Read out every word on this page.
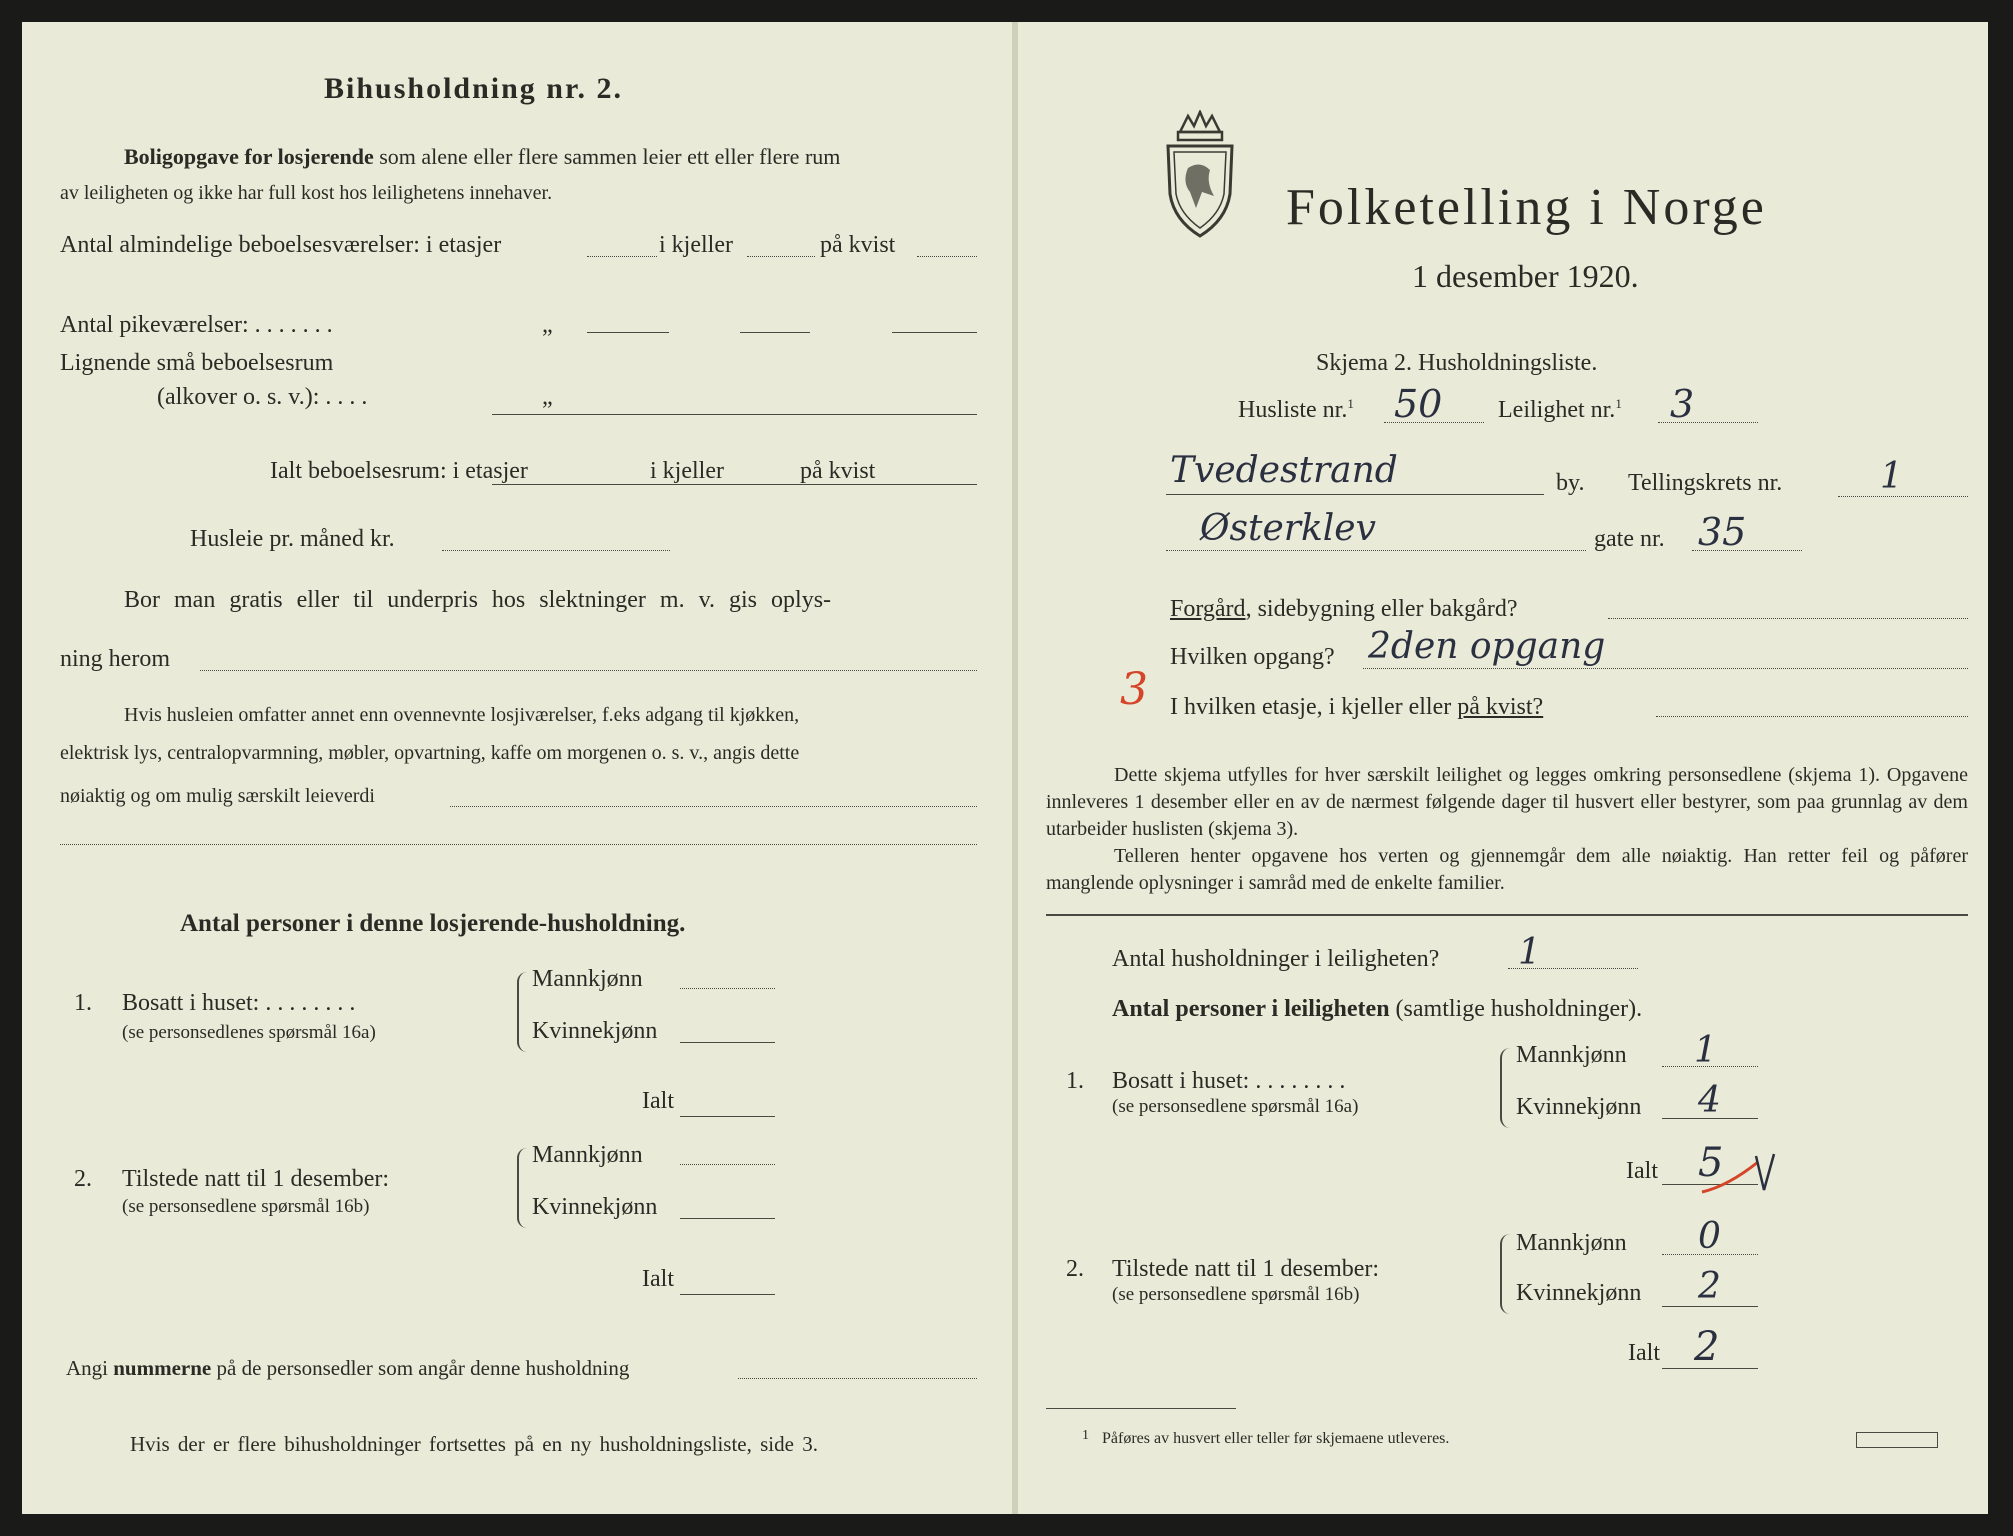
Bihusholdning nr. 2.
Boligopgave for losjerende som alene eller flere sammen leier ett eller flere rum
av leiligheten og ikke har full kost hos leilighetens innehaver.
Antal almindelige beboelsesværelser: i etasjer	i kjeller	på kvist
Antal pikeværelser: . . . . . . .	„
Lignende små beboelsesrum
(alkover o. s. v.): . . . .	„
Ialt beboelsesrum: i etasjer	i kjeller	på kvist
Husleie pr. måned kr.
Bor man gratis eller til underpris hos slektninger m. v. gis oplys-
ning herom
Hvis husleien omfatter annet enn ovennevnte losjiværelser, f.eks adgang til kjøkken,
elektrisk lys, centralopvarmning, møbler, opvartning, kaffe om morgenen o. s. v., angis dette
nøiaktig og om mulig særskilt leieverdi
Antal personer i denne losjerende-husholdning.
1. Bosatt i huset: . . . . . . . .
(se personsedlenes spørsmål 16a)
Mannkjønn
Kvinnekjønn
Ialt
2. Tilstede natt til 1 desember:
(se personsedlene spørsmål 16b)
Mannkjønn
Kvinnekjønn
Ialt
Angi nummerne på de personsedler som angår denne husholdning
Hvis der er flere bihusholdninger fortsettes på en ny husholdningsliste, side 3.
Folketelling i Norge
1 desember 1920.
Skjema 2. Husholdningsliste.
Husliste nr.$^1$ 50 Leilighet nr.$^1$ 3
Tvedestrand	by. Tellingskrets nr.	1
Østerklev	gate nr. 35
Forgård, sidebygning eller bakgård?
Hvilken opgang? 2den opgang
3 I hvilken etasje, i kjeller eller på kvist?
Dette skjema utfylles for hver særskilt leilighet og legges omkring personsedlene (skjema 1). Opgavene innleveres 1 desember eller en av de nærmest følgende dager til husvert eller bestyrer, som paa grunnlag av dem utarbeider huslisten (skjema 3).
Telleren henter opgavene hos verten og gjennemgår dem alle nøiaktig. Han retter feil og påfører manglende oplysninger i samråd med de enkelte familier.
Antal husholdninger i leiligheten? 1
Antal personer i leiligheten (samtlige husholdninger).
1. Bosatt i huset: . . . . . . . .
(se personsedlene spørsmål 16a)
Mannkjønn 1
Kvinnekjønn 4
Ialt 5
2. Tilstede natt til 1 desember:
(se personsedlene spørsmål 16b)
Mannkjønn 0
Kvinnekjønn 2
Ialt 2
1 Påføres av husvert eller teller før skjemaene utleveres.
